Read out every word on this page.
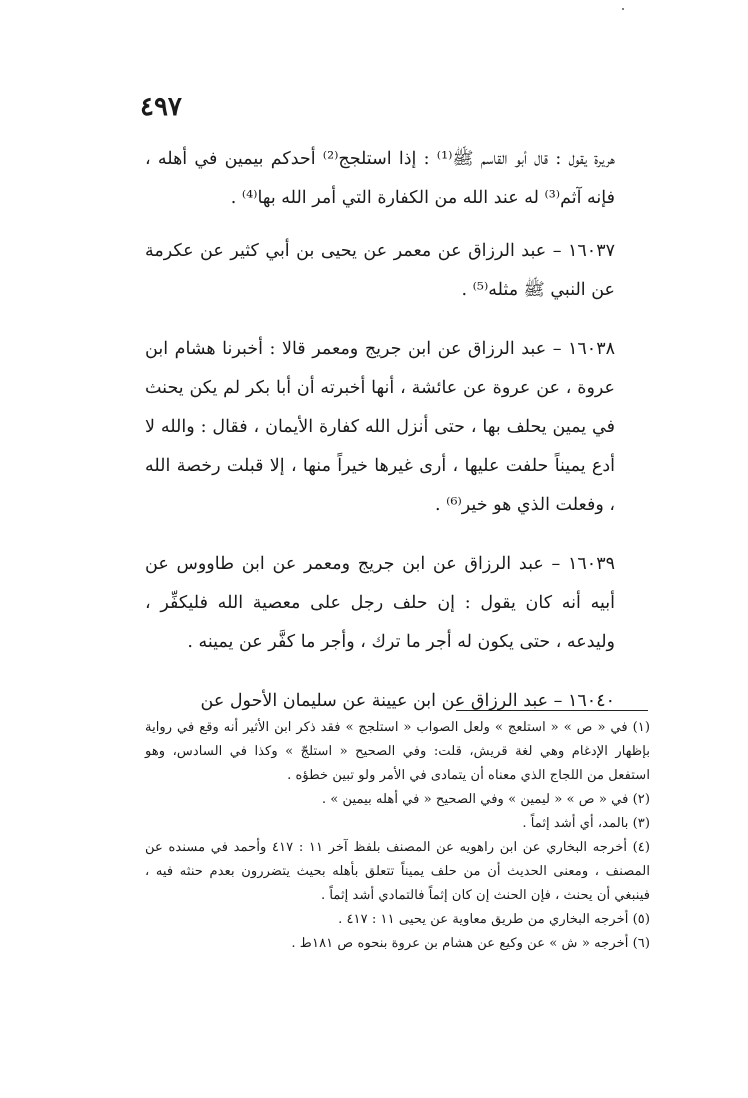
٤٩٧

هريرة يقول : قال أبو القاسم ﷺ⁽¹⁾ : إذا استلجج⁽²⁾ أحدكم بيمين في أهله ، فإنه آثم⁽³⁾ له عند الله من الكفارة التي أمر الله بها⁽⁴⁾ .

١٦٠٣٧ – عبد الرزاق عن معمر عن يحيى بن أبي كثير عن عكرمة عن النبي ﷺ مثله⁽⁵⁾ .

١٦٠٣٨ – عبد الرزاق عن ابن جريج ومعمر قالا : أخبرنا هشام ابن عروة ، عن عروة عن عائشة ، أنها أخبرته أن أبا بكر لم يكن يحنث في يمين يحلف بها ، حتى أنزل الله كفارة الأيمان ، فقال : والله لا أدع يميناً حلفت عليها ، أرى غيرها خيراً منها ، إلا قبلت رخصة الله ، وفعلت الذي هو خير⁽⁶⁾ .

١٦٠٣٩ – عبد الرزاق عن ابن جريج ومعمر عن ابن طاووس عن أبيه أنه كان يقول : إن حلف رجل على معصية الله فليكفِّر ، وليدعه ، حتى يكون له أجر ما ترك ، وأجر ما كفَّر عن يمينه .

١٦٠٤٠ – عبد الرزاق عن ابن عيينة عن سليمان الأحول عن

(١) في « ص » « استلعج » ولعل الصواب « استلجج » فقد ذكر ابن الأثير أنه وقع في رواية بإظهار الإدغام وهي لغة قريش، قلت: وفي الصحيح « استلجّ » وكذا في السادس، وهو استفعل من اللجاج الذي معناه أن يتمادى في الأمر ولو تبين خطؤه .

(٢) في « ص » « ليمين » وفي الصحيح « في أهله بيمين » .

(٣) بالمد، أي أشد إثماً .

(٤) أخرجه البخاري عن ابن راهويه عن المصنف بلفظ آخر ١١ : ٤١٧ وأحمد في مسنده عن المصنف ، ومعنى الحديث أن من حلف يميناً تتعلق بأهله بحيث يتضررون بعدم حنثه فيه ، فينبغي أن يحنث ، فإن الحنث إن كان إثماً فالتمادي أشد إثماً .

(٥) أخرجه البخاري من طريق معاوية عن يحيى ١١ : ٤١٧ .

(٦) أخرجه « ش » عن وكيع عن هشام بن عروة بنحوه ص ١٨١ط .
